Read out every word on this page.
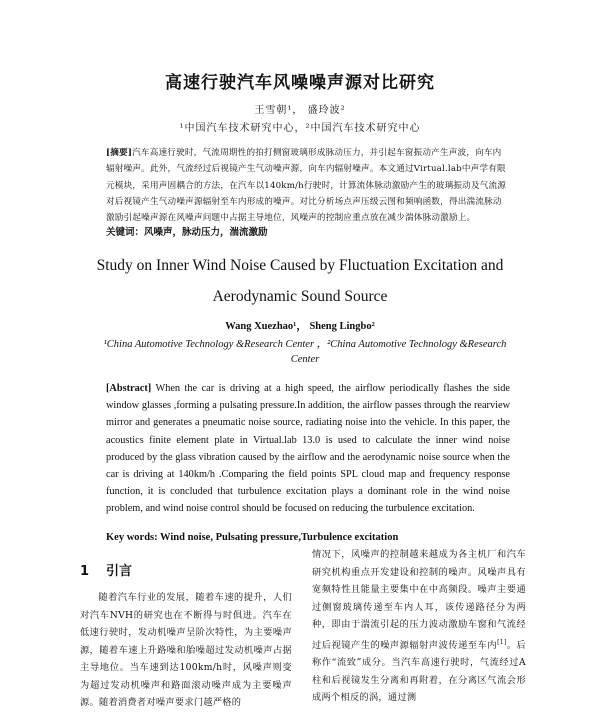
高速行驶汽车风噪噪声源对比研究
王雪朝¹， 盛玲波²
¹中国汽车技术研究中心，²中国汽车技术研究中心
[摘要]汽车高速行驶时，气流周期性的拍打侧窗玻璃形成脉动压力，并引起车窗振动产生声波，向车内辐射噪声。此外，气流经过后视镜产生气动噪声源，向车内辐射噪声。本文通过Virtual.lab中声学有限元模块，采用声固耦合的方法，在汽车以140km/h行驶时，计算流体脉动激励产生的玻璃振动及气流源对后视镜产生气动噪声源辐射至车内形成的噪声。对比分析场点声压级云图和频响函数，得出湍流脉动激励引起噪声源在风噪声问题中占据主导地位，风噪声的控制应重点放在减少湍体脉动激励上。
关键词：风噪声，脉动压力，湍流激励
Study on Inner Wind Noise Caused by Fluctuation Excitation and
Aerodynamic Sound Source
Wang Xuezhao¹， Sheng Lingbo²
¹China Automotive Technology &Research Center ，²China Automotive Technology &Research
Center
[Abstract] When the car is driving at a high speed, the airflow periodically flashes the side window glasses ,forming a pulsating pressure.In addition, the airflow passes through the rearview mirror and generates a pneumatic noise source, radiating noise into the vehicle. In this paper, the acoustics finite element plate in Virtual.lab 13.0 is used to calculate the inner wind noise produced by the glass vibration caused by the airflow and the aerodynamic noise source when the car is driving at 140km/h .Comparing the field points SPL cloud map and frequency response function, it is concluded that turbulence excitation plays a dominant role in the wind noise problem, and wind noise control should be focused on reducing the turbulence excitation.
Key words: Wind noise, Pulsating pressure,Turbulence excitation
1 引言
随着汽车行业的发展，随着车速的提升，人们对汽车NVH的研究也在不断得与时俱进。汽车在低速行驶时，发动机噪声呈阶次特性，为主要噪声源，随着车速上升路噪和胎噪超过发动机噪声占据主导地位。当车速到达100km/h时，风噪声则变为超过发动机噪声和路面滚动噪声成为主要噪声源。随着消费者对噪声要求门越严格的
情况下，风噪声的控制越来越成为各主机厂和汽车研究机构重点开发建设和控制的噪声。风噪声具有宽频特性且能量主要集中在中高频段。噪声主要通过侧窗玻璃传递至车内人耳，该传递路径分为两种，即由于湍流引起的压力波动激励车窗和气流经过后视镜产生的噪声源辐射声波传递至车内[1]。后称作“流致”成分。当汽车高速行驶时，气流经过A柱和后视镜发生分离和再附着，在分离区气流会形成两个相反的涡，通过测
